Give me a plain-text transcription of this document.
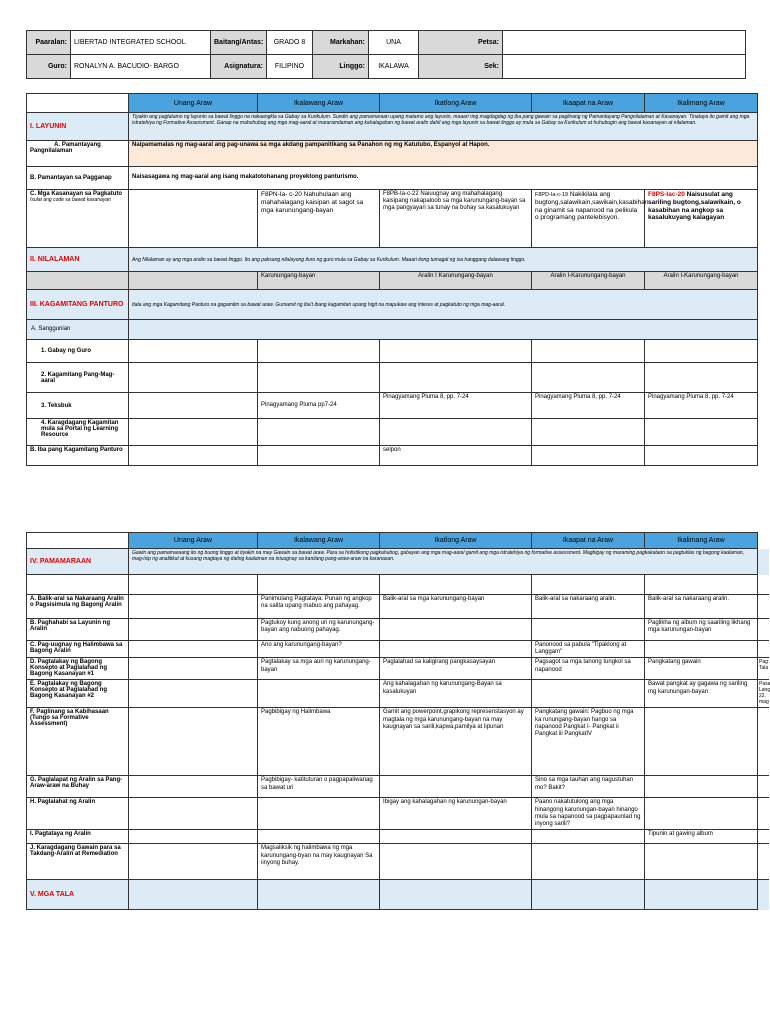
Paaralan:	LIBERTAD INTEGRATED SCHOOL	Baitang/Antas:	GRADO 8	Markahan:	UNA	Petsa:	
Guro:	RONALYN A. BACUDIO- BARGO	Asignatura:	FILIPINO	Linggo:	IKALAWA	Sek:	
	Unang Araw	Ikalawang Araw	Ikatlong Araw	Ikaapat na Araw	Ikalimang Araw
I. LAYUNIN	Tiyakin ang pagtatamo ng layunin sa bawat linggo na nakaangkla sa Gabay sa Kurikulum. Sundin ang pamamaraan upang matamo ang layunin, maaari ring magdagdag ng iba pang gawain sa paglinang ng Pamantayang Pangnilalaman at Kasanayan. Tinataya ito gamit ang mga istratehiya ng Formative Assessment. Ganap na mahuhubog ang mga mag-aaral at mararamdaman ang kahalagahan ng bawat aralin dahil ang mga layunin sa bawat linggo ay mula sa Gabay sa Kurikulum at huhubugin ang bawat kasanayan at nilalaman.				

A. Pamantayang
Pangnilalaman	Naipamamalas ng mag-aaral ang pag-unawa sa mga akdang pampanitikang sa Panahon ng mg Katutubo, Espanyol at Hapon.				
B. Pamantayan sa Pagganap	Naisasagawa ng mag-aaral ang isang makatotohanang proyektong panturismo.				

C. Mga Kasanayan sa Pagkatuto
Isulat ang code sa bawat kasanayan		F8PN-Ia- c-20 Nahuhulaan ang mahahalagang kaisipan at sagot sa mga karunungang-bayan	F8PB-Ia-c-22 Naiuugnay ang mahahalagang kaisipang nakapaloob sa mga karunungang-bayan sa mga pangyayari sa tunay na buhay sa kasalukuyan	F8PD-Ia-c-19 Nakikilala ang bugtong,salawikain,sawikain,kasabihan na ginamit sa napanood na pelikula o programang pantelebisyon.	F8PS-Iac-20 Naisusulat ang sariling bugtong,salawikain, o kasabihan na angkop sa kasalukuyang kalagayan
II. NILALAMAN	Ang Nilalaman ay ang mga aralin sa bawat linggo. Ito ang paksang nilalayong ituro ng guro mula sa Gabay sa Kurikulum. Maaari itong tumagal ng isa hanggang dalawang linggo.				
		Karunungang-bayan	Aralin I Karunungang-bayan	Aralin I-Karunungang-bayan	Aralin I-Karunungang-bayan
III. KAGAMITANG PANTURO	Itala ang mga Kagamitang Panturo na gagamitin sa bawat araw. Gumamit ng iba't ibang kagamitan upang higit na mapukaw ang interes at pagkatuto ng mga mag-aaral.				
A. Sanggunian					
1. Gabay ng Guro					
2. Kagamitang Pang-Mag-aaral					
3. Teksbuk		Pinagyamang Pluma pp7-24	Pinagyamang Pluma 8, pp. 7-24	Pinagyamang Pluma 8, pp. 7-24	Pinagyamang Pluma 8, pp. 7-24
4. Karagdagang Kagamitan mula sa Portal ng Learning Resource					
B. Iba pang Kagamitang Panturo			selpon		
	Unang Araw	Ikalawang Araw	Ikatlong Araw	Ikaapat na Araw	Ikalimang Araw	
IV. PAMAMARAAN	Gawin ang pamamaraang ito ng buong linggo at tiyakin na may Gawain sa bawat araw. Para sa holistikong pagkahubog, gabayan ang mga mag-aaral gamit ang mga istratehiya ng formative assessment. Magbigay ng maraming pagkakataon sa pagtuklas ng bagong kaalaman, mag-isip ng analitikal at kusang magtaya ng dating kaalaman na iniuugnay sa kanilang pang-araw-araw na karanasan.					

A. Balik-aral sa Nakaraang Aralin o Pagsisimula ng Bagong Aralin		Panimulang Pagtataya: Punan ng angkop na salita upang mabuo ang pahayag.	Balik-aral sa mga karunungang-bayan	Balik-aral sa nakaraang aralin.	Balik-aral sa nakaraang aralin.	
B. Paghahabi sa Layunin ng Aralin		Pagtukoy kung anong uri ng karunungang-bayan ang nabuong pahayag.			Paglikha ng album ng saariling likhang mga karunungan-bayan	
C. Pag-uugnay ng Halimbawa sa Bagong Aralin		Ano ang karunungang-bayan?		Panonood sa pabula "Tipaklong at Langgam"		
D. Pagtalakay ng Bagong Konsepto at Paglalahad ng Bagong Kasanayan #1		Pagtalakay sa mga auri ng karunungang- bayan	Paglalahad sa kaligirang pangkasaysayan	Pagsagot sa mga tanong tungkol sa napanood	Pangkatang gawain	Pag Tala
E. Pagtalakay ng Bagong Konsepto at Paglalahad ng Bagong Kasanayan #2			Ang kahalagahan ng karunungang-Bayan sa kasalukuyan		Bawat pangkat ay gagawa ng sariling mg karunungan-bayan	Pasa Lang 22. mag
F. Paglinang sa Kabihasaan (Tungo sa Formative Assessment)		Pagbibigay ng Halimbawa	Gamit ang powerpoint,grapikong represenstasyon ay magtala ng mga karunungang-bayan na may kaugnayan sa sarili,kapwa,pamilya at lipunan	Pangkatang gawain: Pagbuo ng mga ka runungang-bayan hango sa napanood Pangkat I- Pangkat ii Pangkat iii PangkatIV		
G. Paglalapat ng Aralin sa Pang-Araw-araw na Buhay		Pagbibigay- katituturan o pagpapaliwanag sa bawat uri		Sino sa mga tauhan ang nagustuhan mo? Bakit?		
H. Paglalahat ng Aralin			Ibigay ang kahalagahan ng karunungan-bayan	Paano nakatutulong ang mga hinangong karunungan-bayan hinango mula sa napanood sa pagpapaunlad ng inyong sarili?		
I. Pagtataya ng Aralin					Tipunin at gawing album	
J. Karagdagang Gawain para sa Takdang-Aralin at Remediation		Magsaliksik ng halimbawa ng mga karunungang-byan na may kaugnayan Sa iinyong buhay.				
V. MGA TALA						
